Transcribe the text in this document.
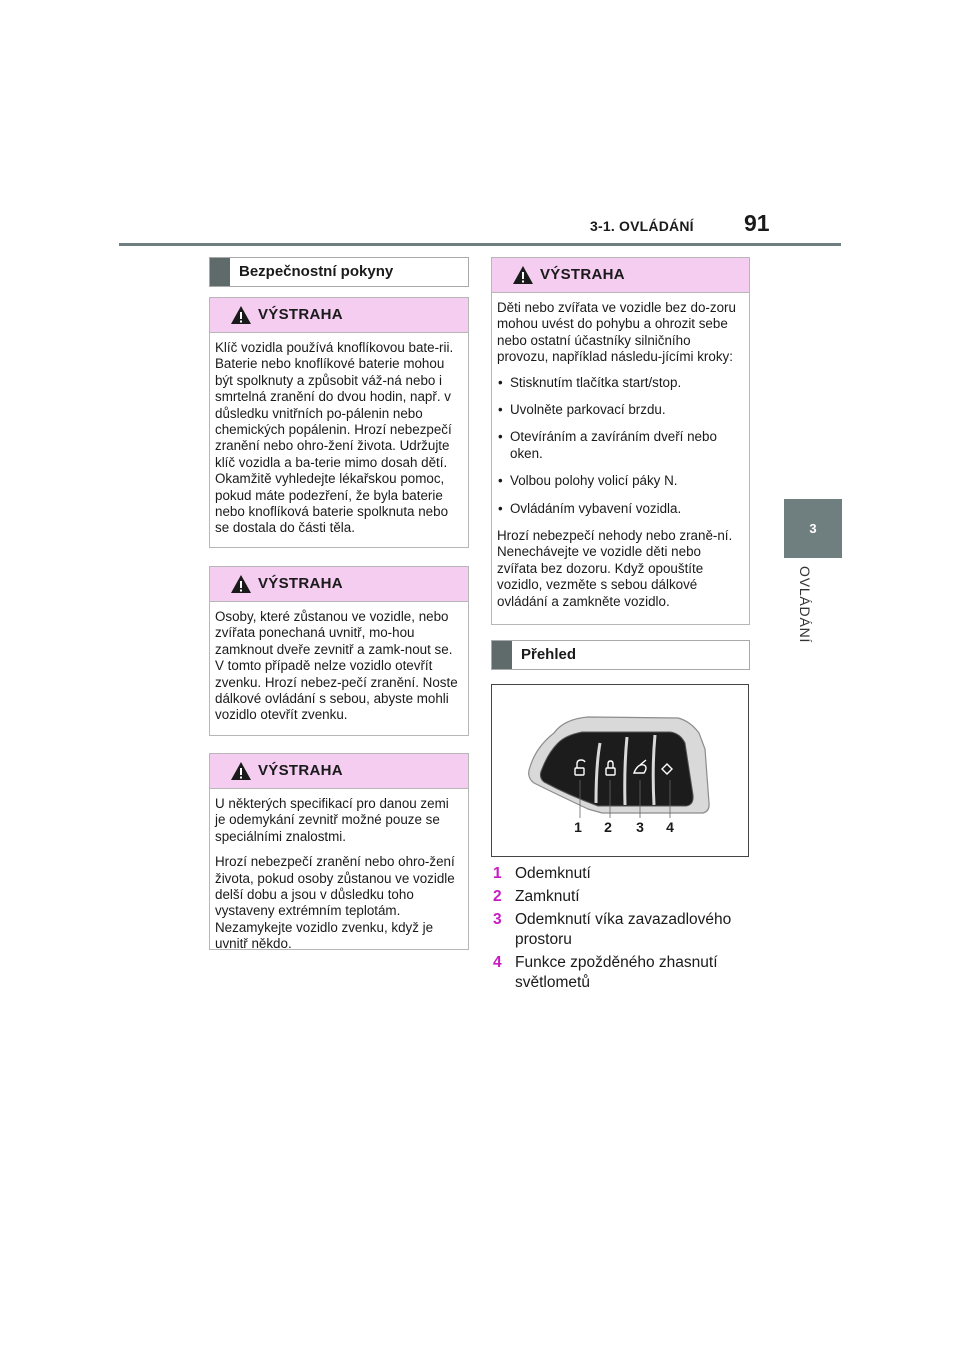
3-1. OVLÁDÁNÍ 91
3
OVLÁDÁNÍ
Bezpečnostní pokyny
VÝSTRAHA

Klíč vozidla používá knoflíkovou bate-rii. Baterie nebo knoflíkové baterie mohou být spolknuty a způsobit váž-ná nebo i smrtelná zranění do dvou hodin, např. v důsledku vnitřních po-pálenin nebo chemických popálenin. Hrozí nebezpečí zranění nebo ohro-žení života. Udržujte klíč vozidla a ba-terie mimo dosah dětí. Okamžitě vyhledejte lékařskou pomoc, pokud máte podezření, že byla baterie nebo knoflíková baterie spolknuta nebo se dostala do části těla.

VÝSTRAHA

Osoby, které zůstanou ve vozidle, nebo zvířata ponechaná uvnitř, mo-hou zamknout dveře zevnitř a zamk-nout se. V tomto případě nelze vozidlo otevřít zvenku. Hrozí nebez-pečí zranění. Noste dálkové ovládání s sebou, abyste mohli vozidlo otevřít zvenku.

VÝSTRAHA

U některých specifikací pro danou zemi je odemykání zevnitř možné pouze se speciálními znalostmi.

Hrozí nebezpečí zranění nebo ohro-žení života, pokud osoby zůstanou ve vozidle delší dobu a jsou v důsledku toho vystaveny extrémním teplotám. Nezamykejte vozidlo zvenku, když je uvnitř někdo.

VÝSTRAHA

Děti nebo zvířata ve vozidle bez do-zoru mohou uvést do pohybu a ohrozit sebe nebo ostatní účastníky silničního provozu, například následu-jícími kroky:

• Stisknutím tlačítka start/stop.
• Uvolněte parkovací brzdu.
• Otevíráním a zavíráním dveří nebo oken.
• Volbou polohy volicí páky N.
• Ovládáním vybavení vozidla.

Hrozí nebezpečí nehody nebo zraně-ní. Nenechávejte ve vozidle děti nebo zvířata bez dozoru. Když opouštíte vozidlo, vezměte s sebou dálkové ovládání a zamkněte vozidlo.

Přehled
1 2 3 4
1 Odemknutí
2 Zamknutí
3 Odemknutí víka zavazadlového prostoru
4 Funkce zpožděného zhasnutí světlometů
